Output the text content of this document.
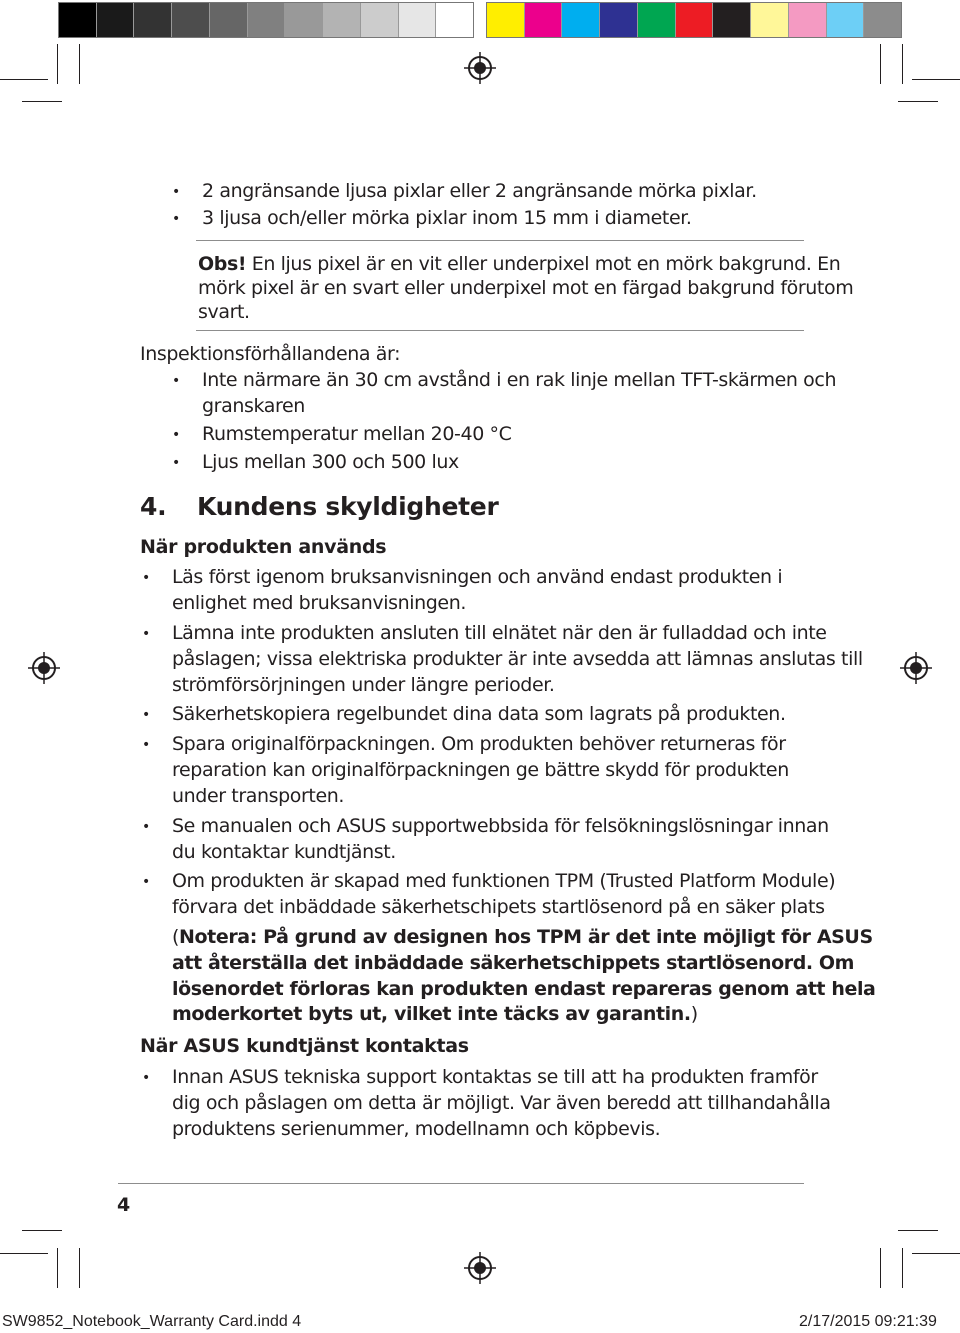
• 2 angränsande ljusa pixlar eller 2 angränsande mörka pixlar.
• 3 ljusa och/eller mörka pixlar inom 15 mm i diameter.
Obs! En ljus pixel är en vit eller underpixel mot en mörk bakgrund. En
mörk pixel är en svart eller underpixel mot en färgad bakgrund förutom
svart.
Inspektionsförhållandena är:
• Inte närmare än 30 cm avstånd i en rak linje mellan TFT-skärmen och
granskaren
• Rumstemperatur mellan 20-40 °C
• Ljus mellan 300 och 500 lux
4. Kundens skyldigheter
När produkten används
• Läs först igenom bruksanvisningen och använd endast produkten i
enlighet med bruksanvisningen.
• Lämna inte produkten ansluten till elnätet när den är fulladdad och inte
påslagen; vissa elektriska produkter är inte avsedda att lämnas anslutas till
strömförsörjningen under längre perioder.
• Säkerhetskopiera regelbundet dina data som lagrats på produkten.
• Spara originalförpackningen. Om produkten behöver returneras för
reparation kan originalförpackningen ge bättre skydd för produkten
under transporten.
• Se manualen och ASUS supportwebbsida för felsökningslösningar innan
du kontaktar kundtjänst.
• Om produkten är skapad med funktionen TPM (Trusted Platform Module)
förvara det inbäddade säkerhetschipets startlösenord på en säker plats
(Notera: På grund av designen hos TPM är det inte möjligt för ASUS
att återställa det inbäddade säkerhetschippets startlösenord. Om
lösenordet förloras kan produkten endast repareras genom att hela
moderkortet byts ut, vilket inte täcks av garantin.)
När ASUS kundtjänst kontaktas
• Innan ASUS tekniska support kontaktas se till att ha produkten framför
dig och påslagen om detta är möjligt. Var även beredd att tillhandahålla
produktens serienummer, modellnamn och köpbevis.
4
SW9852_Notebook_Warranty Card.indd 4	2/17/2015 09:21:39
